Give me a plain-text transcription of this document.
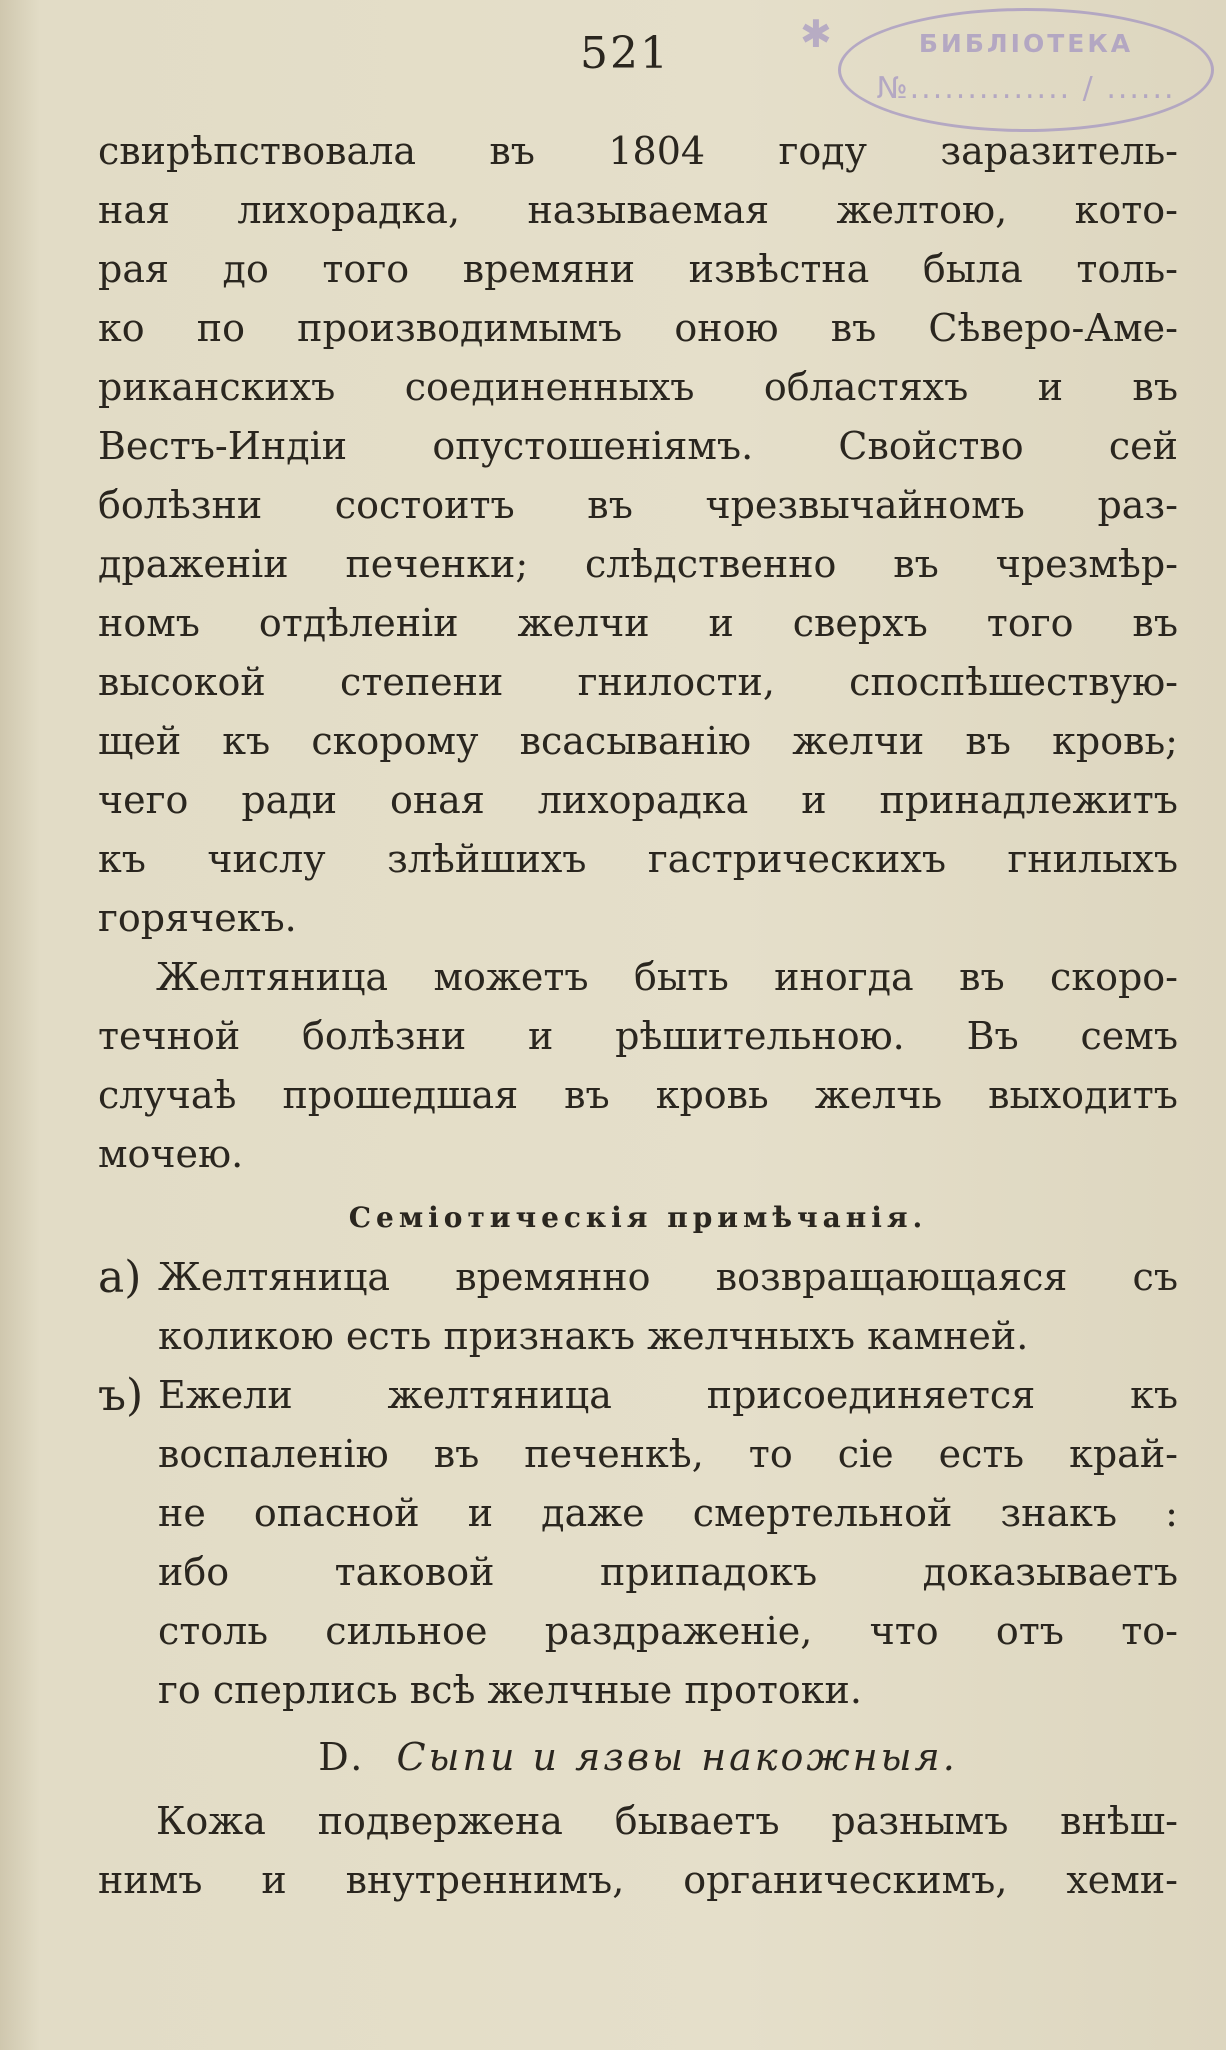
521	✱	БИБЛIОТЕКА
№.............. / ......
свирѣпствовала въ 1804 году заразитель-
ная лихорадка, называемая желтою, кото-
рая до того времяни извѣстна была толь-
ко по производимымъ оною въ Сѣверо-Аме-
риканскихъ соединенныхъ областяхъ и въ
Вестъ-Индiи опустошенiямъ. Свойство сей
болѣзни состоитъ въ чрезвычайномъ раз-
драженiи печенки; слѣдственно въ чрезмѣр-
номъ отдѣленiи желчи и сверхъ того въ
высокой степени гнилости, споспѣшествую-
щей къ скорому всасыванiю желчи въ кровь;
чего ради оная лихорадка и принадлежитъ
къ числу злѣйшихъ гастрическихъ гнилыхъ
горячекъ.
Желтяница можетъ быть иногда въ скоро-
течной болѣзни и рѣшительною. Въ семъ
случаѣ прошедшая въ кровь желчь выходитъ
мочею.
Семiотическiя примѣчанiя.
а) Желтяница времянно возвращающаяся съ
коликою есть признакъ желчныхъ камней.
ъ) Ежели желтяница присоединяется къ
воспаленiю въ печенкѣ, то сiе есть край-
не опасной и даже смертельной знакъ :
ибо таковой припадокъ доказываетъ
столь сильное раздраженiе, что отъ то-
го сперлись всѣ желчные протоки.
D. Сыпи и язвы накожныя.
Кожа подвержена бываетъ разнымъ внѣш-
нимъ и внутреннимъ, органическимъ, хеми-
